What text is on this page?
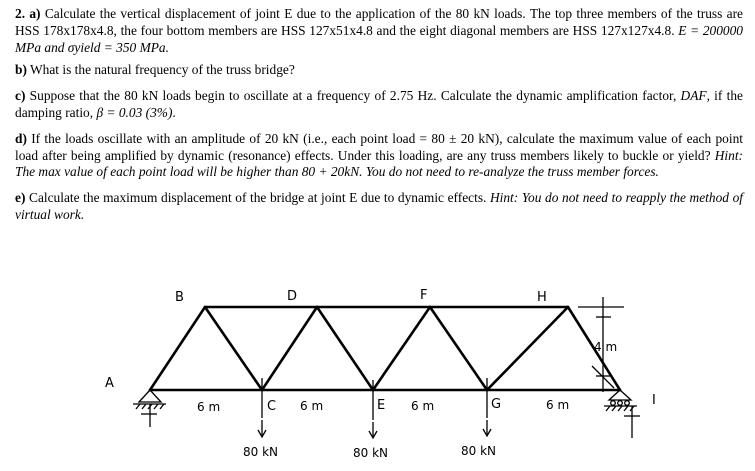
2. a) Calculate the vertical displacement of joint E due to the application of the 80 kN loads. The top three members of the truss are HSS 178x178x4.8, the four bottom members are HSS 127x51x4.8 and the eight diagonal members are HSS 127x127x4.8. E = 200000 MPa and σyield = 350 MPa.

b) What is the natural frequency of the truss bridge?

c) Suppose that the 80 kN loads begin to oscillate at a frequency of 2.75 Hz. Calculate the dynamic amplification factor, DAF, if the damping ratio, β = 0.03 (3%).

d) If the loads oscillate with an amplitude of 20 kN (i.e., each point load = 80 ± 20 kN), calculate the maximum value of each point load after being amplified by dynamic (resonance) effects. Under this loading, are any truss members likely to buckle or yield? Hint: The max value of each point load will be higher than 80 + 20kN. You do not need to re-analyze the truss member forces.

e) Calculate the maximum displacement of the bridge at joint E due to dynamic effects. Hint: You do not need to reapply the method of virtual work.

A
B
C
D
E
F
G
H
I
6 m	6 m	6 m	6 m
4 m
80 kN	80 kN	80 kN
